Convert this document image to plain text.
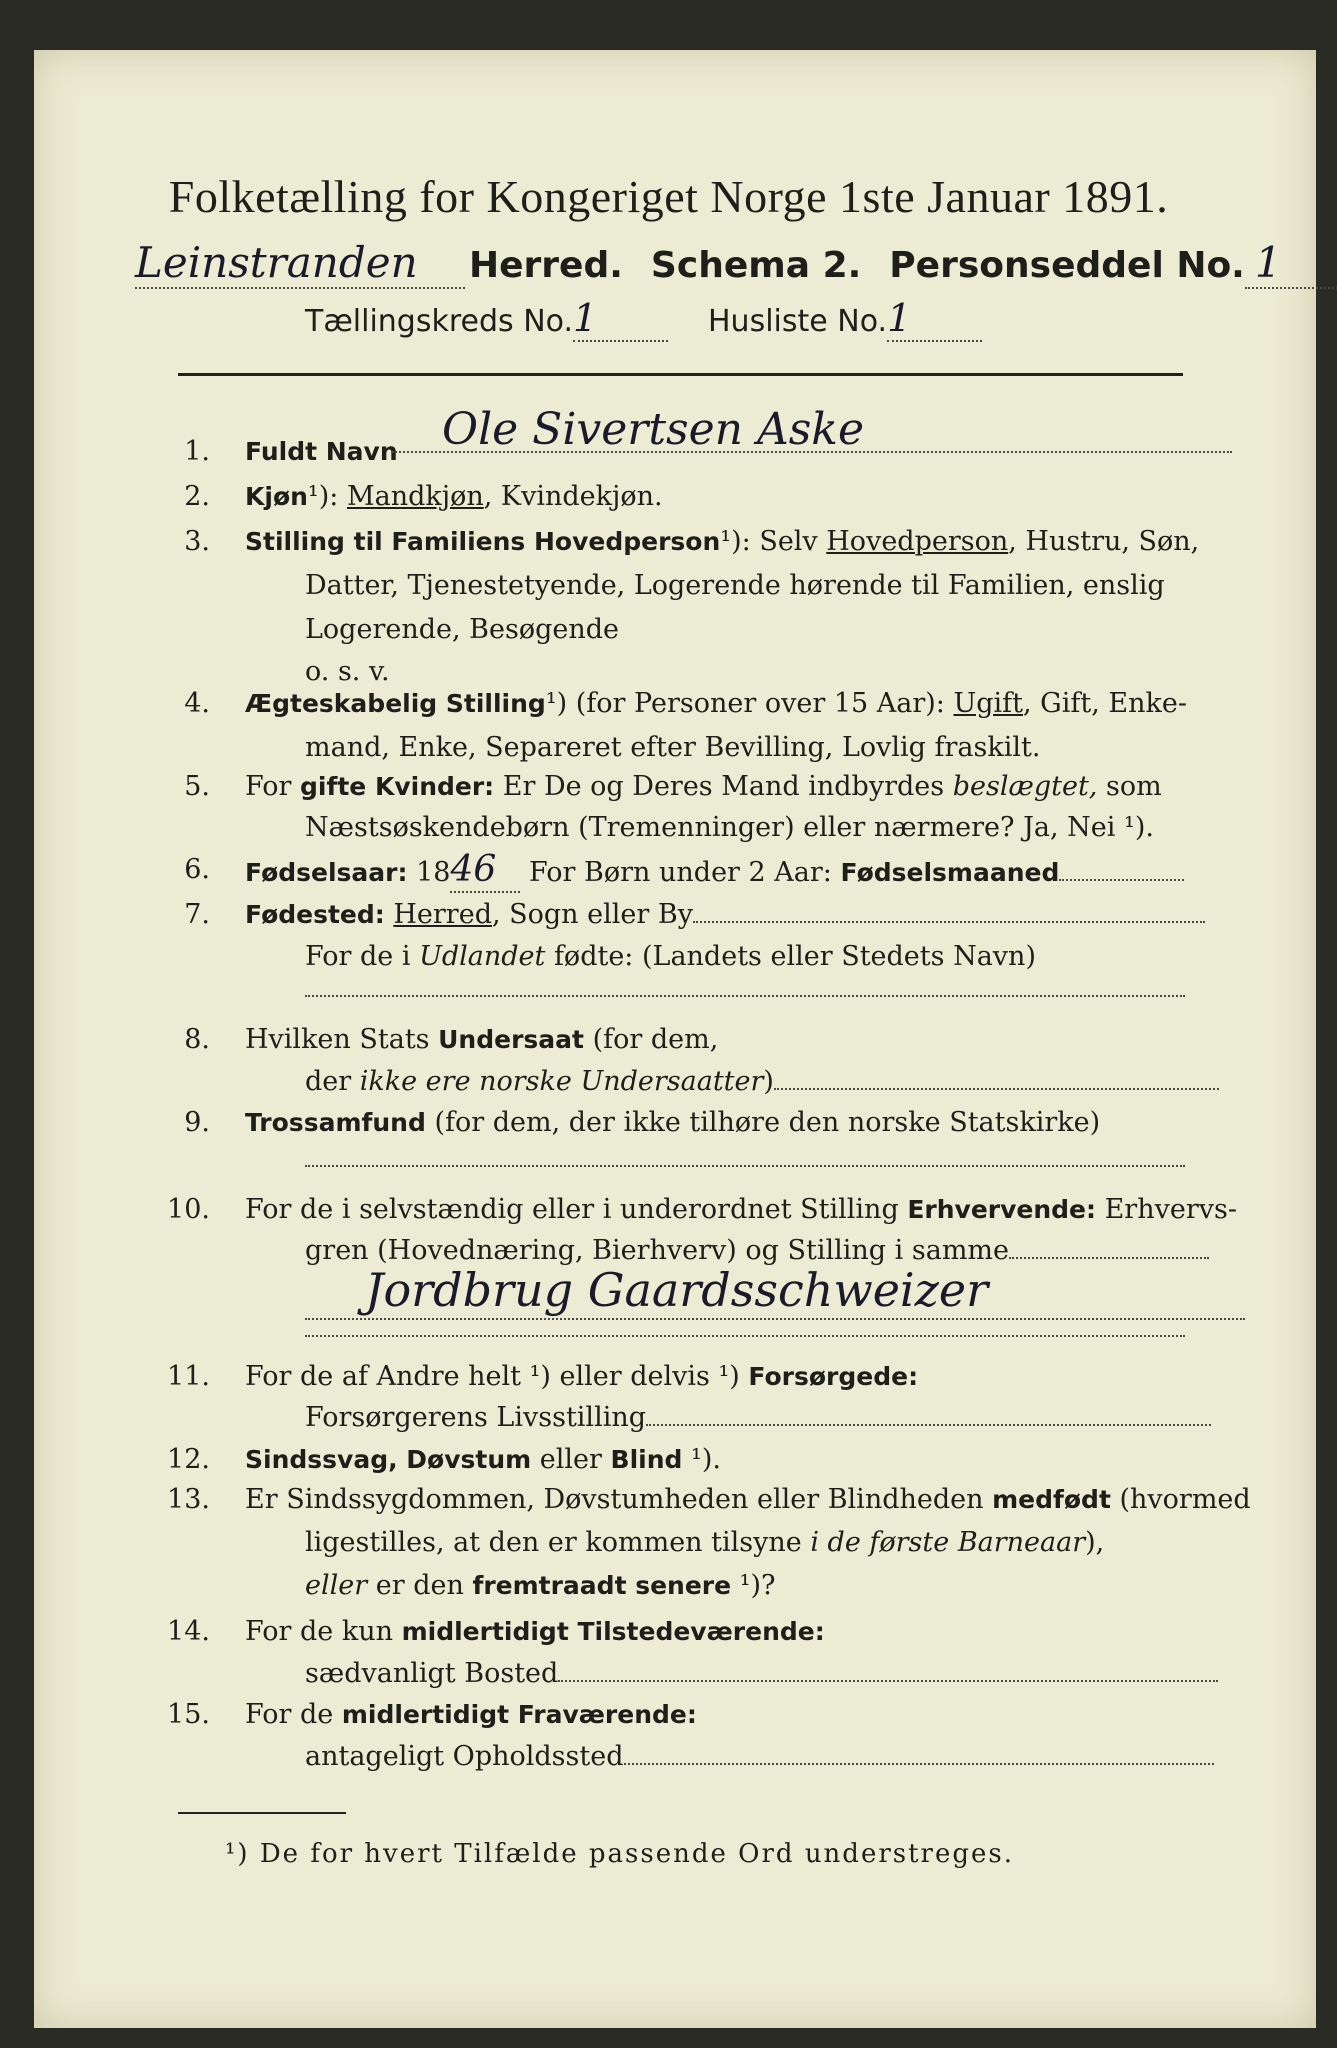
Folketælling for Kongeriget Norge 1ste Januar 1891.
Leinstranden	Herred. Schema 2. Personseddel No. 1
Tællingskreds No. 1	Husliste No. 1
1. Fuldt Navn	Ole Sivertsen Aske
2. Kjøn¹): Mandkjøn, Kvindekjøn.
3. Stilling til Familiens Hovedperson¹): Selv Hovedperson, Hustru, Søn,
Datter, Tjenestetyende, Logerende hørende til Familien, enslig
Logerende, Besøgende
o. s. v.
4. Ægteskabelig Stilling¹) (for Personer over 15 Aar): Ugift, Gift, Enke-
mand, Enke, Separeret efter Bevilling, Lovlig fraskilt.
5. For gifte Kvinder: Er De og Deres Mand indbyrdes beslægtet, som
Næstsøskendebørn (Tremenninger) eller nærmere? Ja, Nei ¹).
6. Fødselsaar: 1846 For Børn under 2 Aar: Fødselsmaaned
7. Fødested: Herred, Sogn eller By
For de i Udlandet fødte: (Landets eller Stedets Navn)
8. Hvilken Stats Undersaat (for dem,
der ikke ere norske Undersaatter)
9. Trossamfund (for dem, der ikke tilhøre den norske Statskirke)
10. For de i selvstændig eller i underordnet Stilling Erhvervende: Erhvervs-
gren (Hovednæring, Bierhverv) og Stilling i samme
Jordbrug Gaardsschweizer
11. For de af Andre helt ¹) eller delvis ¹) Forsørgede:
Forsørgerens Livsstilling
12. Sindssvag, Døvstum eller Blind ¹).
13. Er Sindssygdommen, Døvstumheden eller Blindheden medfødt (hvormed
ligestilles, at den er kommen tilsyne i de første Barneaar),
eller er den fremtraadt senere ¹)?
14. For de kun midlertidigt Tilstedeværende:
sædvanligt Bosted
15. For de midlertidigt Fraværende:
antageligt Opholdssted
¹) De for hvert Tilfælde passende Ord understreges.
